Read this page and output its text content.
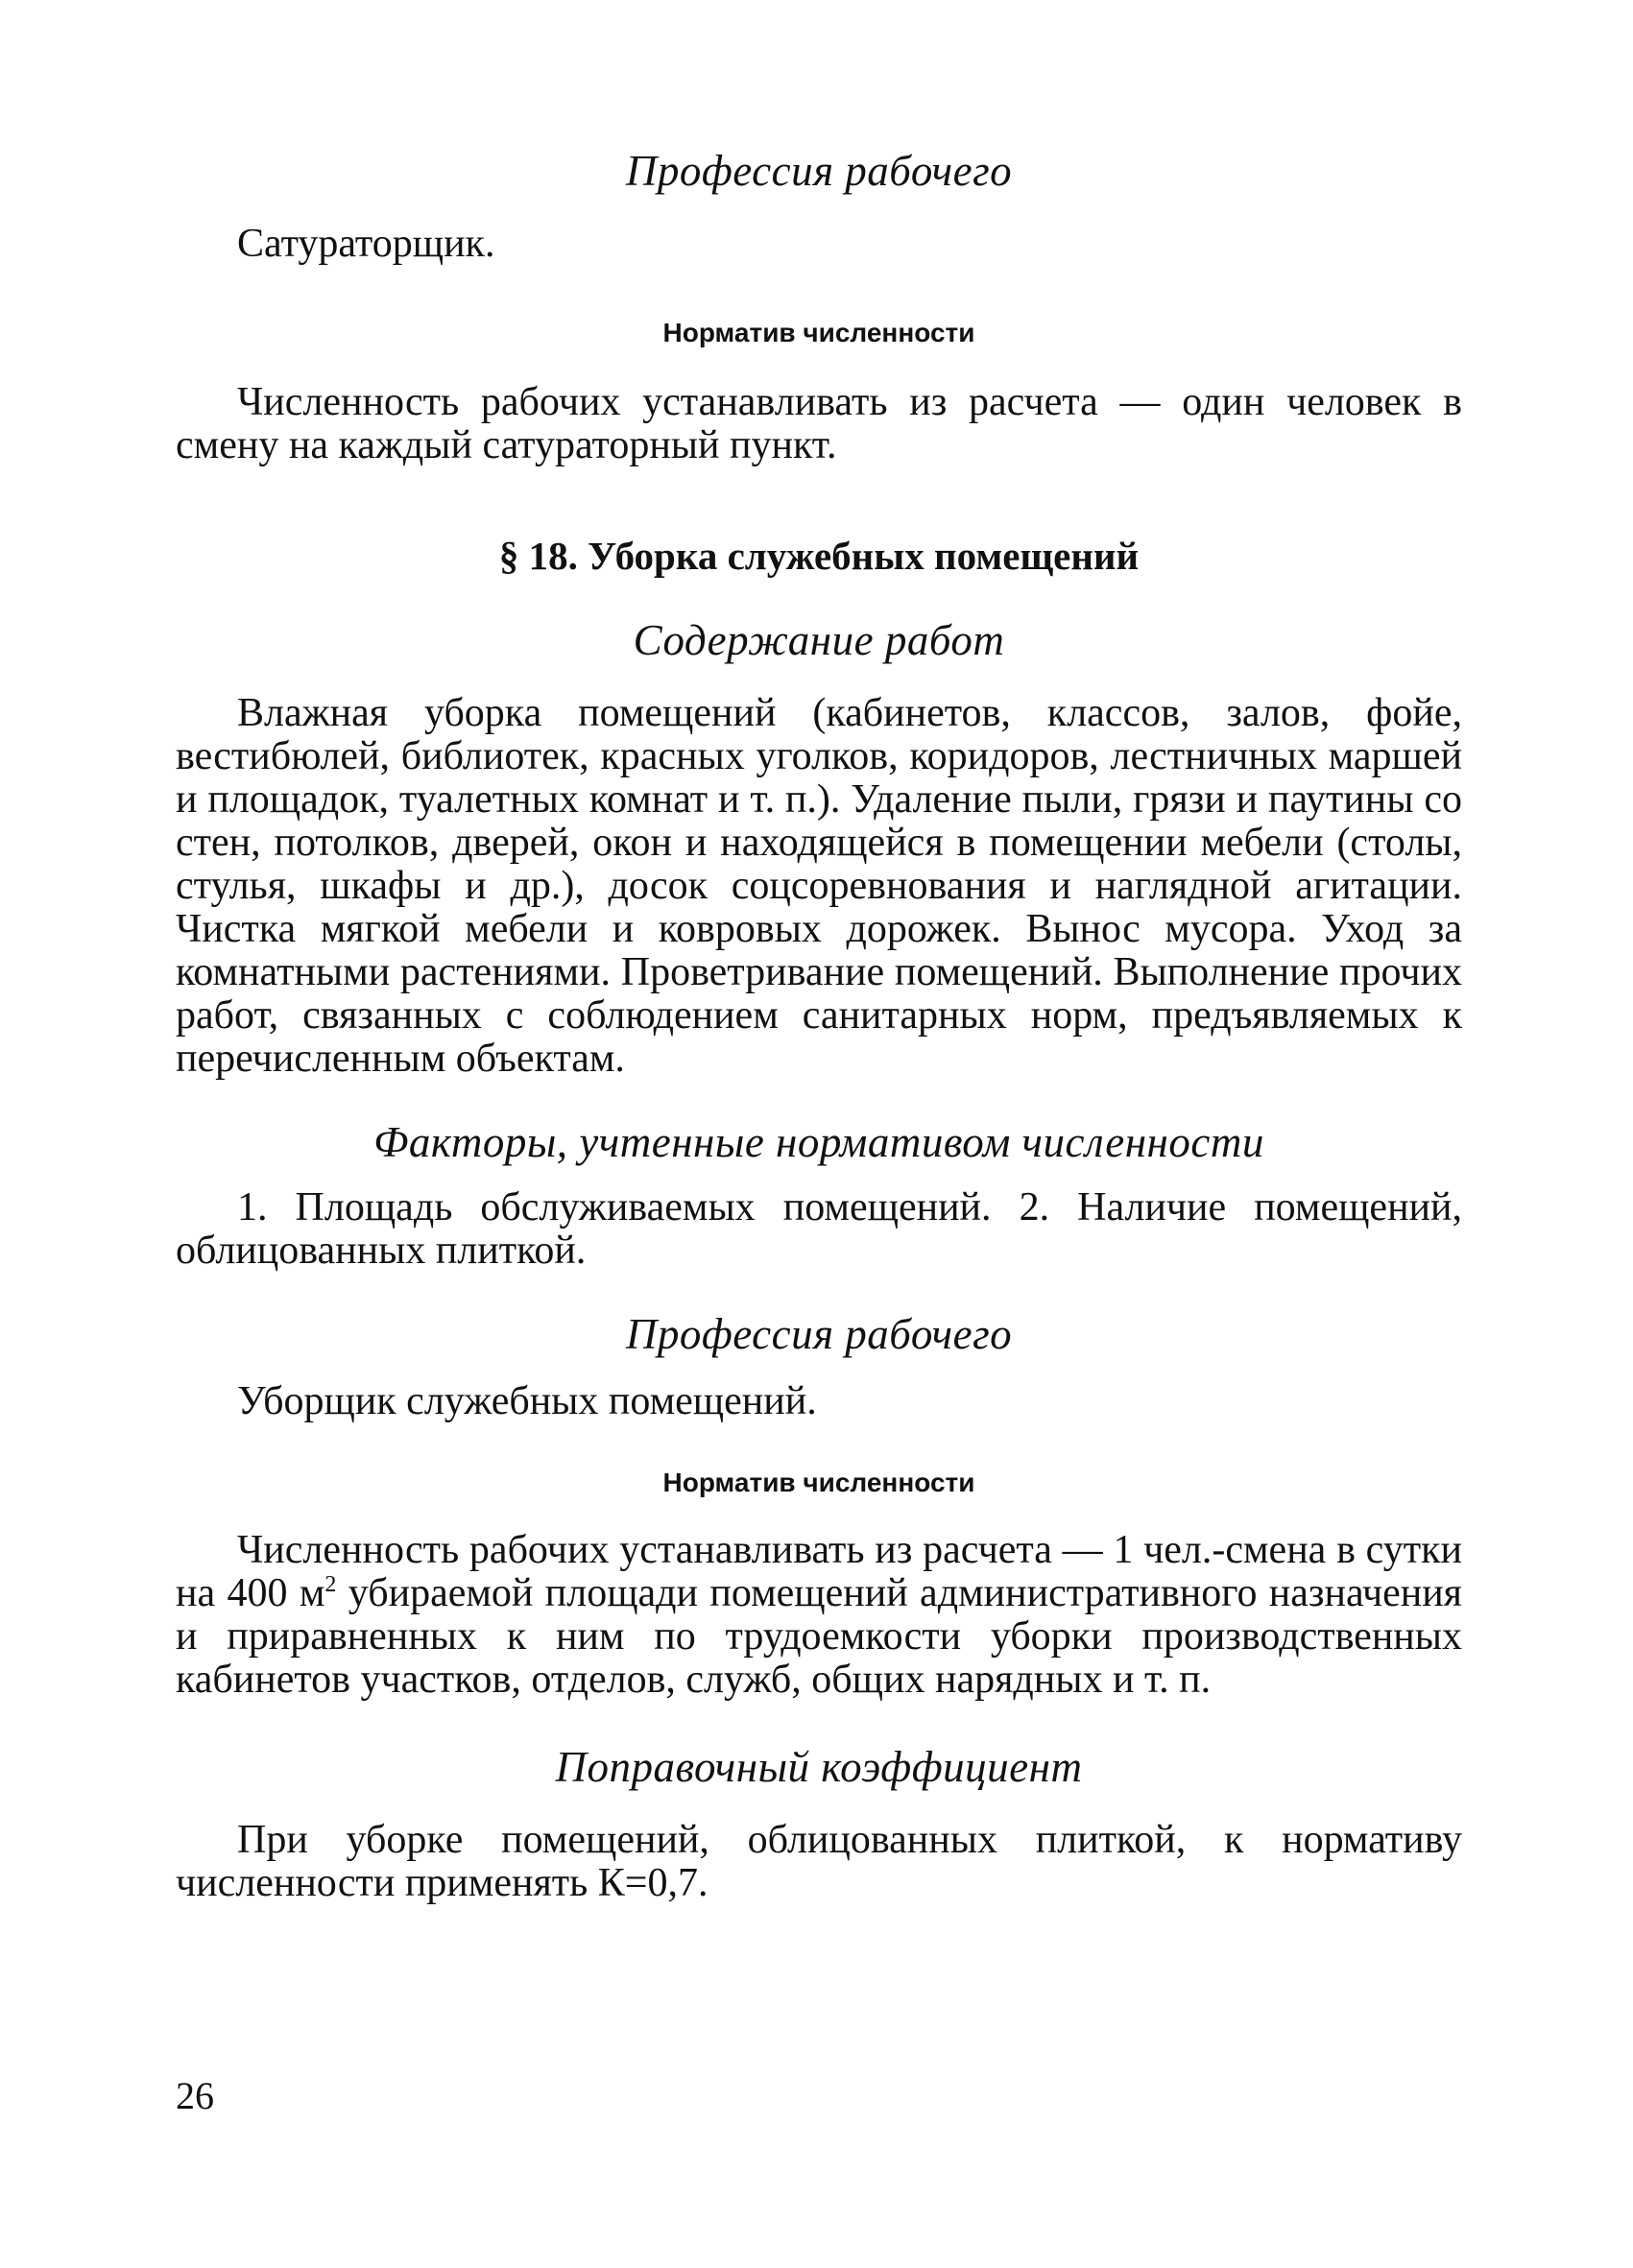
Профессия рабочего

Сатураторщик.

Норматив численности

Численность рабочих устанавливать из расчета — один человек в смену на каждый сатураторный пункт.

§ 18. Уборка служебных помещений

Содержание работ

Влажная уборка помещений (кабинетов, классов, залов, фойе, вестибюлей, библиотек, красных уголков, коридоров, лестничных маршей и площадок, туалетных комнат и т. п.). Удаление пыли, грязи и паутины со стен, потолков, дверей, окон и находящейся в помещении мебели (столы, стулья, шкафы и др.), досок соцсоревнования и наглядной агитации. Чистка мягкой мебели и ковровых дорожек. Вынос мусора. Уход за комнатными растениями. Проветривание помещений. Выполнение прочих работ, связанных с соблюдением санитарных норм, предъявляемых к перечисленным объектам.

Факторы, учтенные нормативом численности

1. Площадь обслуживаемых помещений. 2. Наличие помещений, облицованных плиткой.

Профессия рабочего

Уборщик служебных помещений.

Норматив численности

Численность рабочих устанавливать из расчета — 1 чел.-смена в сутки на 400 $м^2$ убираемой площади помещений административного назначения и приравненных к ним по трудоемкости уборки производственных кабинетов участков, отделов, служб, общих нарядных и т. п.

Поправочный коэффициент

При уборке помещений, облицованных плиткой, к нормативу численности применять К=0,7.

26
